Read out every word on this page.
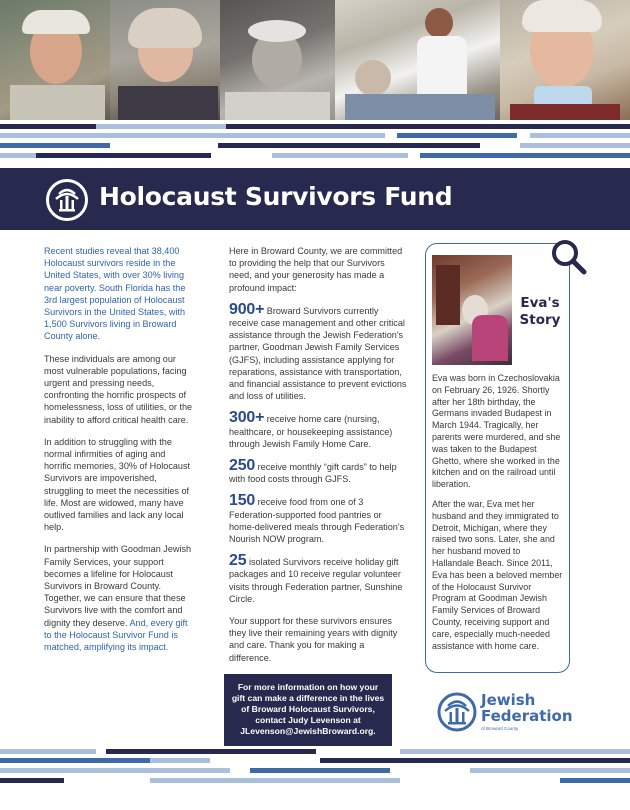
Holocaust Survivors Fund

Recent studies reveal that 38,400 Holocaust survivors reside in the United States, with over 30% living near poverty. South Florida has the 3rd largest population of Holocaust Survivors in the United States, with 1,500 Survivors living in Broward County alone.

These individuals are among our most vulnerable populations, facing urgent and pressing needs, confronting the horrific prospects of homelessness, loss of utilities, or the inability to afford critical health care.

In addition to struggling with the normal infirmities of aging and horrific memories, 30% of Holocaust Survivors are impoverished, struggling to meet the necessities of life. Most are widowed, many have outlived families and lack any local help.

In partnership with Goodman Jewish Family Services, your support becomes a lifeline for Holocaust Survivors in Broward County. Together, we can ensure that these Survivors live with the comfort and dignity they deserve. And, every gift to the Holocaust Survivor Fund is matched, amplifying its impact.

Here in Broward County, we are committed to providing the help that our Survivors need, and your generosity has made a profound impact:

900+ Broward Survivors currently receive case management and other critical assistance through the Jewish Federation's partner, Goodman Jewish Family Services (GJFS), including assistance applying for reparations, assistance with transportation, and financial assistance to prevent evictions and loss of utilities.

300+ receive home care (nursing, healthcare, or housekeeping assistance) through Jewish Family Home Care.

250 receive monthly “gift cards” to help with food costs through GJFS.

150 receive food from one of 3 Federation-supported food pantries or home-delivered meals through Federation's Nourish NOW program.

25 isolated Survivors receive holiday gift packages and 10 receive regular volunteer visits through Federation partner, Sunshine Circle.

Your support for these survivors ensures they live their remaining years with dignity and care. Thank you for making a difference.

For more information on how your gift can make a difference in the lives of Broward Holocaust Survivors, contact Judy Levenson at JLevenson@JewishBroward.org.
Eva's Story

Eva was born in Czechoslovakia on February 26, 1926. Shortly after her 18th birthday, the Germans invaded Budapest in March 1944. Tragically, her parents were murdered, and she was taken to the Budapest Ghetto, where she worked in the kitchen and on the railroad until liberation.

After the war, Eva met her husband and they immigrated to Detroit, Michigan, where they raised two sons. Later, she and her husband moved to Hallandale Beach. Since 2011, Eva has been a beloved member of the Holocaust Survivor Program at Goodman Jewish Family Services of Broward County, receiving support and care, especially much-needed assistance with home care.

Jewish
Federation
of Broward County
